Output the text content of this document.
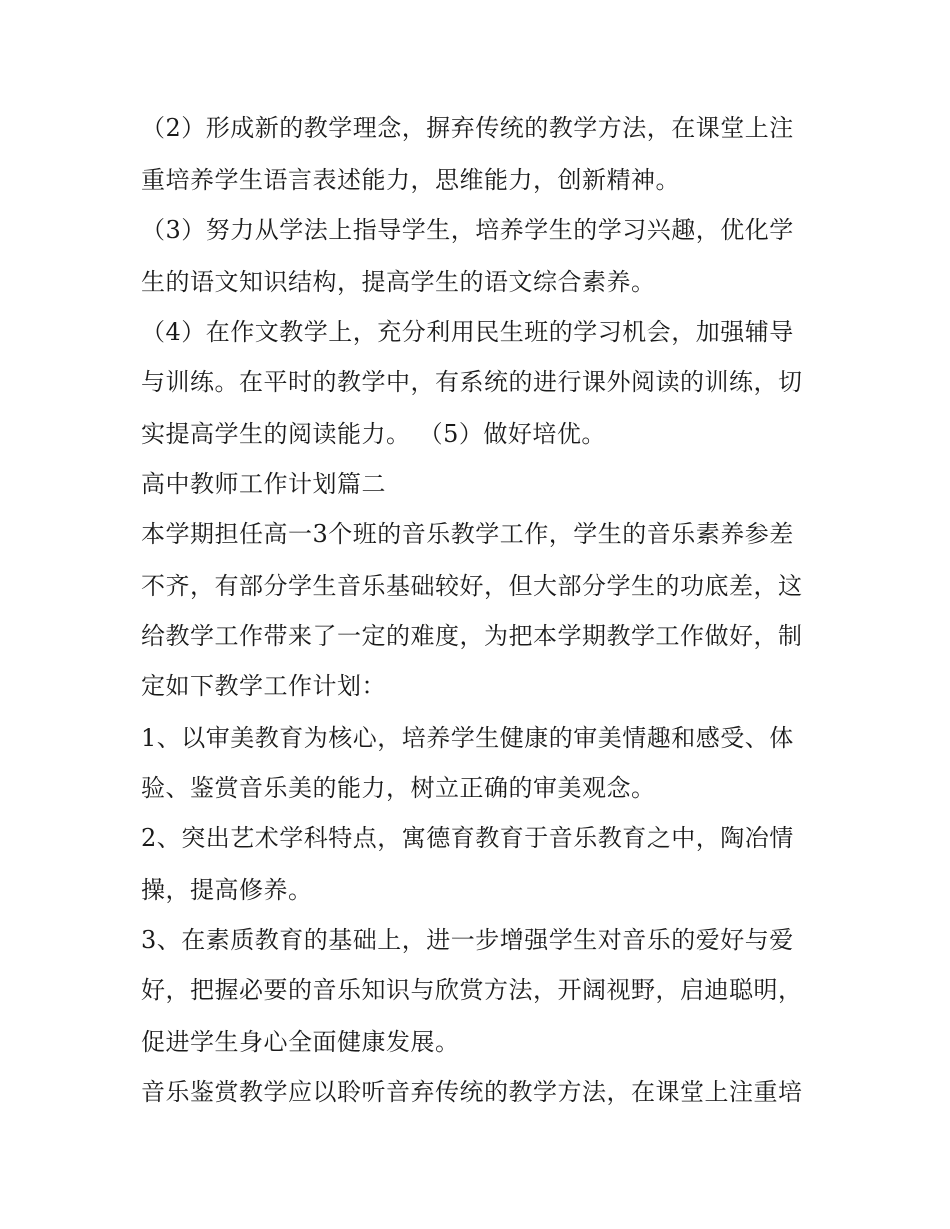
（2）形成新的教学理念，摒弃传统的教学方法，在课堂上注
重培养学生语言表述能力，思维能力，创新精神。
（3）努力从学法上指导学生，培养学生的学习兴趣，优化学
生的语文知识结构，提高学生的语文综合素养。
（4）在作文教学上，充分利用民生班的学习机会，加强辅导
与训练。在平时的教学中，有系统的进行课外阅读的训练，切
实提高学生的阅读能力。 （5）做好培优。
高中教师工作计划篇二
本学期担任高一3个班的音乐教学工作，学生的音乐素养参差
不齐，有部分学生音乐基础较好，但大部分学生的功底差，这
给教学工作带来了一定的难度，为把本学期教学工作做好，制
定如下教学工作计划：
1、以审美教育为核心，培养学生健康的审美情趣和感受、体
验、鉴赏音乐美的能力，树立正确的审美观念。
2、突出艺术学科特点，寓德育教育于音乐教育之中，陶冶情
操，提高修养。
3、在素质教育的基础上，进一步增强学生对音乐的爱好与爱
好，把握必要的音乐知识与欣赏方法，开阔视野，启迪聪明，
促进学生身心全面健康发展。
音乐鉴赏教学应以聆听音弃传统的教学方法，在课堂上注重培
